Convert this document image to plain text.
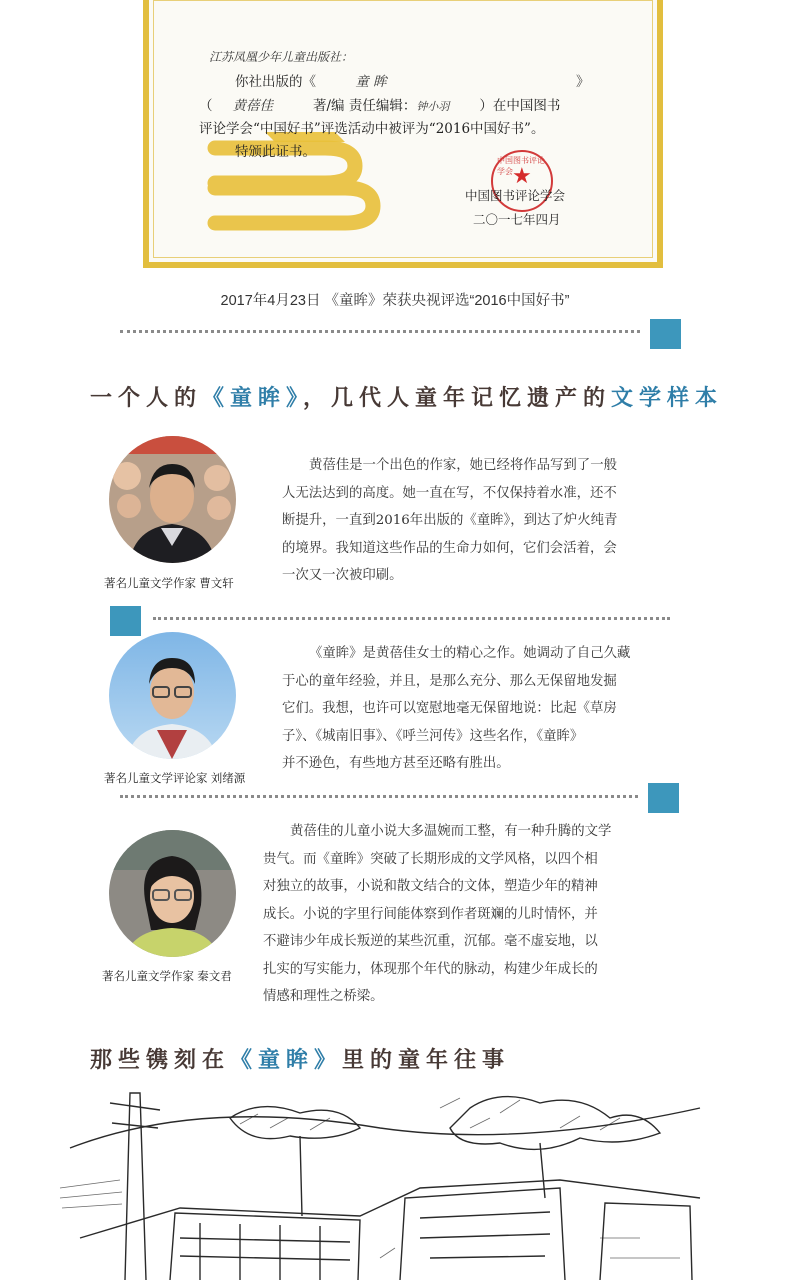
江苏凤凰少年儿童出版社：
你社出版的《	童 眸	》
（ 黄蓓佳	著/编 责任编辑：钟小羽 ）在中国图书
评论学会“中国好书”评选活动中被评为“2016中国好书”。
特颁此证书。
中国图书评论学会 ★
中国图书评论学会
二〇一七年四月
2017年4月23日 《童眸》荣获央视评选“2016中国好书”
一个人的《童眸》，几代人童年记忆遗产的文学样本
著名儿童文学作家 曹文轩
黄蓓佳是一个出色的作家，她已经将作品写到了一般
人无法达到的高度。她一直在写，不仅保持着水准，还不
断提升，一直到2016年出版的《童眸》，到达了炉火纯青
的境界。我知道这些作品的生命力如何，它们会活着，会
一次又一次被印刷。
著名儿童文学评论家 刘绪源
《童眸》是黄蓓佳女士的精心之作。她调动了自己久藏
于心的童年经验，并且，是那么充分、那么无保留地发掘
它们。我想，也许可以宽慰地毫无保留地说：比起《草房
子》、《城南旧事》、《呼兰河传》这些名作，《童眸》
并不逊色，有些地方甚至还略有胜出。
著名儿童文学作家 秦文君
黄蓓佳的儿童小说大多温婉而工整，有一种升腾的文学
贵气。而《童眸》突破了长期形成的文学风格，以四个相
对独立的故事，小说和散文结合的文体，塑造少年的精神
成长。小说的字里行间能体察到作者斑斓的儿时情怀，并
不避讳少年成长叛逆的某些沉重，沉郁。毫不虚妄地，以
扎实的写实能力，体现那个年代的脉动，构建少年成长的
情感和理性之桥梁。
那些镌刻在《童眸》里的童年往事
